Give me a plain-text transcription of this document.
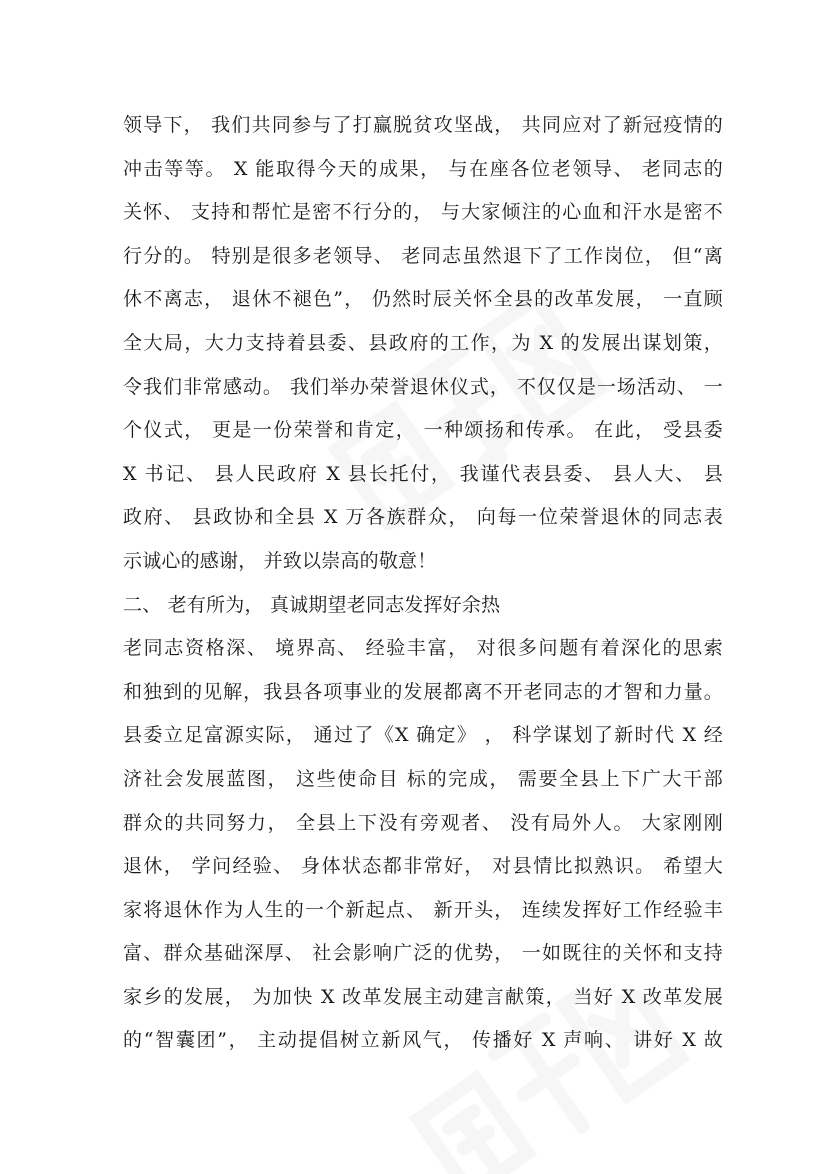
领导下， 我们共同参与了打赢脱贫攻坚战， 共同应对了新冠疫情的
冲击等等。 X 能取得今天的成果， 与在座各位老领导、 老同志的
关怀、 支持和帮忙是密不行分的， 与大家倾注的心血和汗水是密不
行分的。 特别是很多老领导、 老同志虽然退下了工作岗位， 但“离
休不离志， 退休不褪色”， 仍然时辰关怀全县的改革发展， 一直顾
全大局，大力支持着县委、县政府的工作，为 X 的发展出谋划策，
令我们非常感动。 我们举办荣誉退休仪式， 不仅仅是一场活动、 一
个仪式， 更是一份荣誉和肯定， 一种颂扬和传承。 在此， 受县委
X 书记、 县人民政府 X 县长托付， 我谨代表县委、 县人大、 县
政府、 县政协和全县 X 万各族群众， 向每一位荣誉退休的同志表
示诚心的感谢， 并致以崇高的敬意！
二、 老有所为， 真诚期望老同志发挥好余热
老同志资格深、 境界高、 经验丰富， 对很多问题有着深化的思索
和独到的见解，我县各项事业的发展都离不开老同志的才智和力量。
县委立足富源实际， 通过了《X 确定》 ， 科学谋划了新时代 X 经
济社会发展蓝图， 这些使命目 标的完成， 需要全县上下广大干部
群众的共同努力， 全县上下没有旁观者、 没有局外人。 大家刚刚
退休， 学问经验、 身体状态都非常好， 对县情比拟熟识。 希望大
家将退休作为人生的一个新起点、 新开头， 连续发挥好工作经验丰
富、群众基础深厚、 社会影响广泛的优势， 一如既往的关怀和支持
家乡的发展， 为加快 X 改革发展主动建言献策， 当好 X 改革发展
的“智囊团”， 主动提倡树立新风气， 传播好 X 声响、 讲好 X 故
